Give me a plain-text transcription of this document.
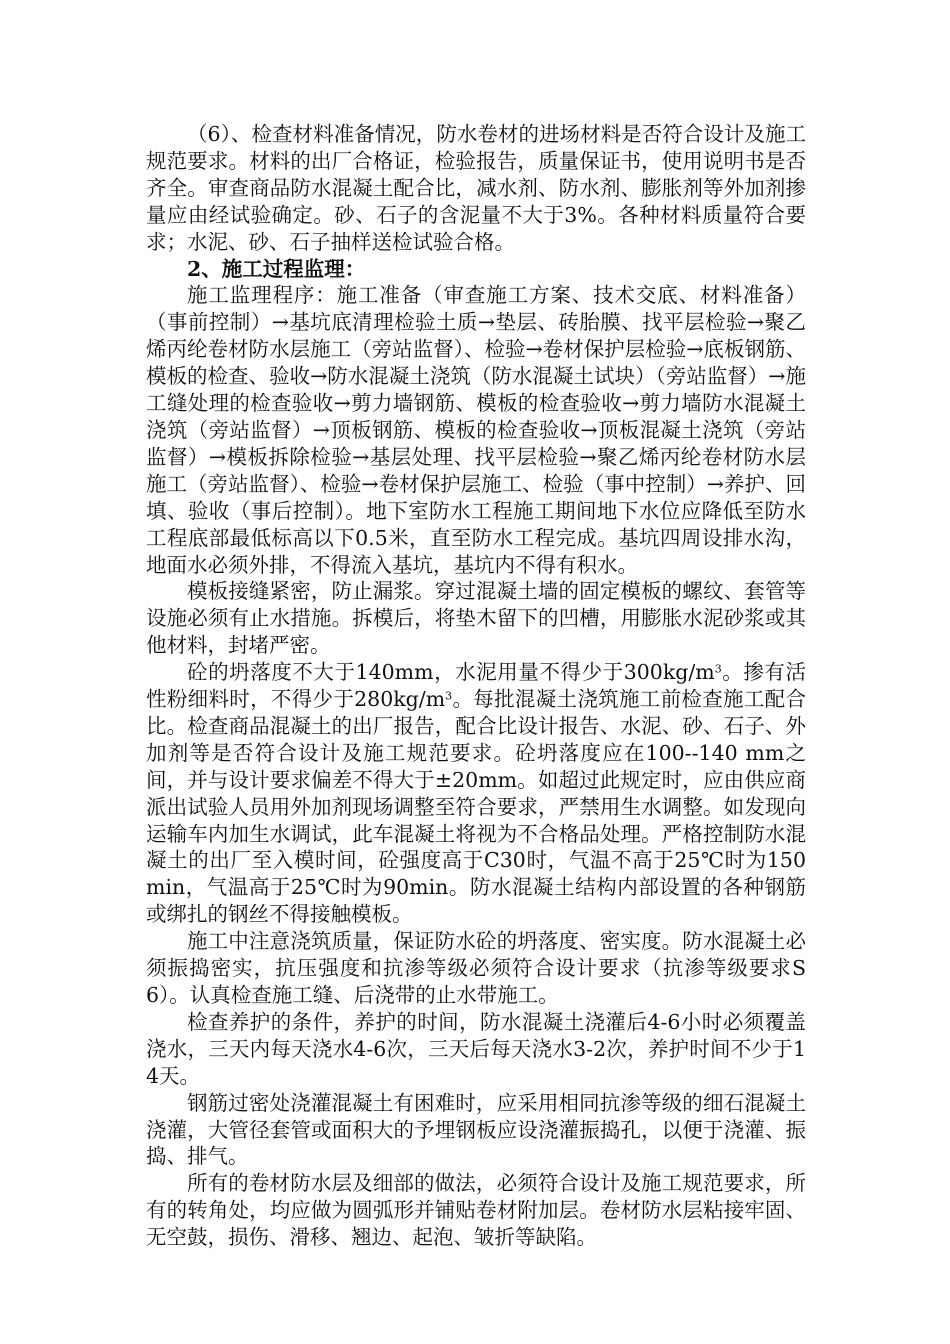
（6）、检查材料准备情况，防水卷材的进场材料是否符合设计及施工规范要求。材料的出厂合格证，检验报告，质量保证书，使用说明书是否齐全。审查商品防水混凝土配合比，减水剂、防水剂、膨胀剂等外加剂掺量应由经试验确定。砂、石子的含泥量不大于3%。各种材料质量符合要求；水泥、砂、石子抽样送检试验合格。

2、施工过程监理：

施工监理程序：施工准备（审查施工方案、技术交底、材料准备）（事前控制）→基坑底清理检验土质→垫层、砖胎膜、找平层检验→聚乙烯丙纶卷材防水层施工（旁站监督）、检验→卷材保护层检验→底板钢筋、模板的检查、验收→防水混凝土浇筑（防水混凝土试块）（旁站监督）→施工缝处理的检查验收→剪力墙钢筋、模板的检查验收→剪力墙防水混凝土浇筑（旁站监督）→顶板钢筋、模板的检查验收→顶板混凝土浇筑（旁站监督）→模板拆除检验→基层处理、找平层检验→聚乙烯丙纶卷材防水层施工（旁站监督）、检验→卷材保护层施工、检验（事中控制）→养护、回填、验收（事后控制）。地下室防水工程施工期间地下水位应降低至防水工程底部最低标高以下0.5米，直至防水工程完成。基坑四周设排水沟，地面水必须外排，不得流入基坑，基坑内不得有积水。

模板接缝紧密，防止漏浆。穿过混凝土墙的固定模板的螺纹、套管等设施必须有止水措施。拆模后，将垫木留下的凹槽，用膨胀水泥砂浆或其他材料，封堵严密。

砼的坍落度不大于140mm，水泥用量不得少于$300kg/m^3$。掺有活性粉细料时，不得少于$280kg/m^3$。每批混凝土浇筑施工前检查施工配合比。检查商品混凝土的出厂报告，配合比设计报告、水泥、砂、石子、外加剂等是否符合设计及施工规范要求。砼坍落度应在100--140 mm之间，并与设计要求偏差不得大于±20mm。如超过此规定时，应由供应商派出试验人员用外加剂现场调整至符合要求，严禁用生水调整。如发现向运输车内加生水调试，此车混凝土将视为不合格品处理。严格控制防水混凝土的出厂至入模时间，砼强度高于C30时，气温不高于25℃时为150min，气温高于25℃时为90min。防水混凝土结构内部设置的各种钢筋或绑扎的钢丝不得接触模板。

施工中注意浇筑质量，保证防水砼的坍落度、密实度。防水混凝土必须振捣密实，抗压强度和抗渗等级必须符合设计要求（抗渗等级要求S6）。认真检查施工缝、后浇带的止水带施工。

检查养护的条件，养护的时间，防水混凝土浇灌后4-6小时必须覆盖浇水，三天内每天浇水4-6次，三天后每天浇水3-2次，养护时间不少于14天。

钢筋过密处浇灌混凝土有困难时，应采用相同抗渗等级的细石混凝土浇灌，大管径套管或面积大的予埋钢板应设浇灌振捣孔，以便于浇灌、振捣、排气。

所有的卷材防水层及细部的做法，必须符合设计及施工规范要求，所有的转角处，均应做为圆弧形并铺贴卷材附加层。卷材防水层粘接牢固、无空鼓，损伤、滑移、翘边、起泡、皱折等缺陷。
